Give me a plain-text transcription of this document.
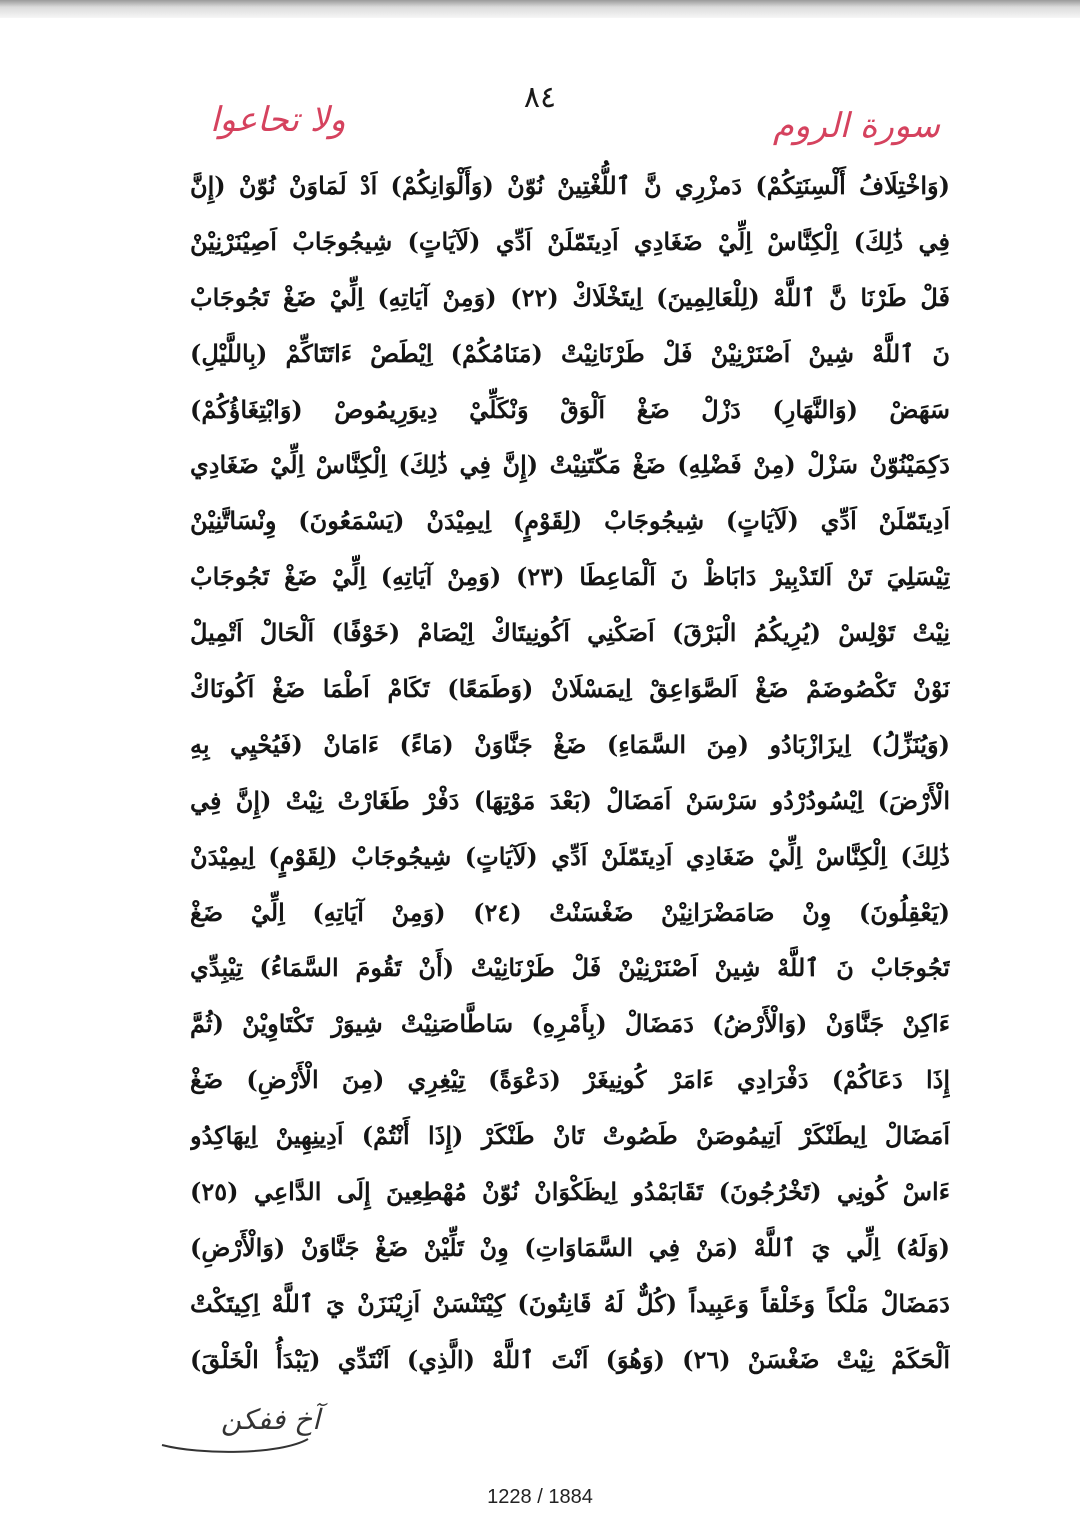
٨٤
سورة الروم
ولا تحاعوا
(وَاخْتِلَافُ أَلْسِنَتِكُمْ) دَمزْرِي نَّ ٱللُّغْتِينْ نُوّنْ (وَأَلْوَانِكُمْ) اَدْ لَمَاوَنْ نُوّنْ (إِنَّ
فِي ذَٰلِكَ) اِلْكِنَّاسْ اِلِّيْ ضَغَادِي اَدِيتَمّلَنْ اَدِّي (لَآيَاتٍ) شِيجُوجَابْ اَصِيْنَرْنِيْنْ
فَلْ طَرْنَا نَّ ٱللَّهْ (لِلْعَالِمِينَ) اِيتَخْلَاكْ (٢٢) (وَمِنْ آيَاتِهِ) اِلِّيْ ضَغْ تَجُوجَابْ
نَ ٱللَّهْ شِينْ اَصْنَرْنِيْنْ فَلْ طَرْنَانِيْتْ (مَنَامُكُمْ) اِيْطَصْ ءَاتَتَاكِّمْ (بِاللَّيْلِ)
سَهَضْ (وَالنَّهَارِ) دَزْلْ ضَغْ اَلْوَقْ وَنْكَلِّيْ دِيوَرِيمُوصْ (وَابْتِغَاؤُكُمْ)
دَكِمَيْنُوّنْ سَزْلْ (مِنْ فَضْلِهِ) ضَغْ مَكّتَنِيْتْ (إِنَّ فِي ذَٰلِكَ) اِلْكِنَّاسْ اِلِّيْ ضَغَادِي
اَدِيتَمّلَنْ اَدِّي (لَآيَاتٍ) شِيجُوجَابْ (لِقَوْمٍ) اِيمِيْدَنْ (يَسْمَعُونَ) وِنْسَاتَّنِيْنْ
تِيْسَلِيَ تَنْ اَلتَدْبِيرْ دَابَاظْ نَ اَلْمَاعِطَا (٢٣) (وَمِنْ آيَاتِهِ) اِلِّيْ ضَغْ تَجُوجَابْ
نِيْتْ تَوْلِسْ (يُرِيكُمُ الْبَرْقَ) اَصَكْنِي اَكُونِيتَاكْ اِيْصَامْ (خَوْفًا) اَلْحَالْ اَتْمِيلْ
نَوْنْ تَكْصُوضَمْ ضَغْ اَلصَّوَاعِقْ اِيمَسْلَانْ (وَطَمَعًا) تَكَامْ اَطْمَا ضَغْ اَكُونَاكْ
(وَيُنَزِّلُ) اِيزَازْبَادُو (مِنَ السَّمَاءِ) ضَغْ جَنَّاوَنْ (مَاءً) ءَامَانْ (فَيُحْيِي بِهِ
الْأَرْضَ) اِيْسُودُرْدُو سَرْسَنْ اَمَضَالْ (بَعْدَ مَوْتِهَا) دَفْرْ طَغَارْتْ نِيْتْ (إِنَّ فِي
ذَٰلِكَ) اِلْكِنَّاسْ اِلِّيْ ضَغَادِي اَدِيتَمّلَنْ اَدِّي (لَآيَاتٍ) شِيجُوجَابْ (لِقَوْمٍ) اِيمِيْدَنْ
(يَعْقِلُونَ) وِنْ صَامَضْرَانِيْنْ ضَغْسَنْتْ (٢٤) (وَمِنْ آيَاتِهِ) اِلِّيْ ضَغْ
تَجُوجَابْ نَ ٱللَّهْ شِينْ اَصْنَرْنِيْنْ فَلْ طَرْنَانِيْتْ (أَنْ تَقُومَ السَّمَاءُ) تِيْبِدِّي
ءَاكِنْ جَنَّاوَنْ (وَالْأَرْضُ) دَمَضَالْ (بِأَمْرِهِ) سَاطَّاصَنِيْتْ شِيوَرْ تَكْتَاوِيْنْ (ثُمَّ
إِذَا دَعَاكُمْ) دَفْرَادِي ءَامَرْ كُونِيغَرْ (دَعْوَةً) تِيْغِرِي (مِنَ الْأَرْضِ) ضَغْ
اَمَضَالْ اِيطَنْكَرْ اَتِيمُوصَنْ طَصُوتْ تَانْ طَنْكَرْ (إِذَا أَنْتُمْ) اَدِينِهِينْ اِيهَاكِدُو
ءَاسْ كُونِي (تَخْرُجُونَ) تَقَابَمْدُو اِيظَكْوَانْ نُوّنْ مُهْطِعِينَ إِلَى الدَّاعِي (٢٥)
(وَلَهُ) اِلِّي يَ ٱللَّهْ (مَنْ فِي السَّمَاوَاتِ) وِنْ تَلِّيْنْ ضَغْ جَنَّاوَنْ (وَالْأَرْضِ)
دَمَضَالْ مَلْكاً وَخَلْقاً وَعَبِيداً (كُلٌّ لَهُ قَانِتُونَ) كِيْتَنْسَنْ اَزِيْنَزَنْ يَ ٱللَّهْ اِكِيتَكْتْ
اَلْحَكَمْ نِيْتْ ضَغْسَنْ (٢٦) (وَهُوَ) اَنْتَ ٱللَّهْ (الَّذِي) اَنْتَدِّي (يَبْدَأُ الْخَلْقَ)
آخ ففكن
1228 / 1884
